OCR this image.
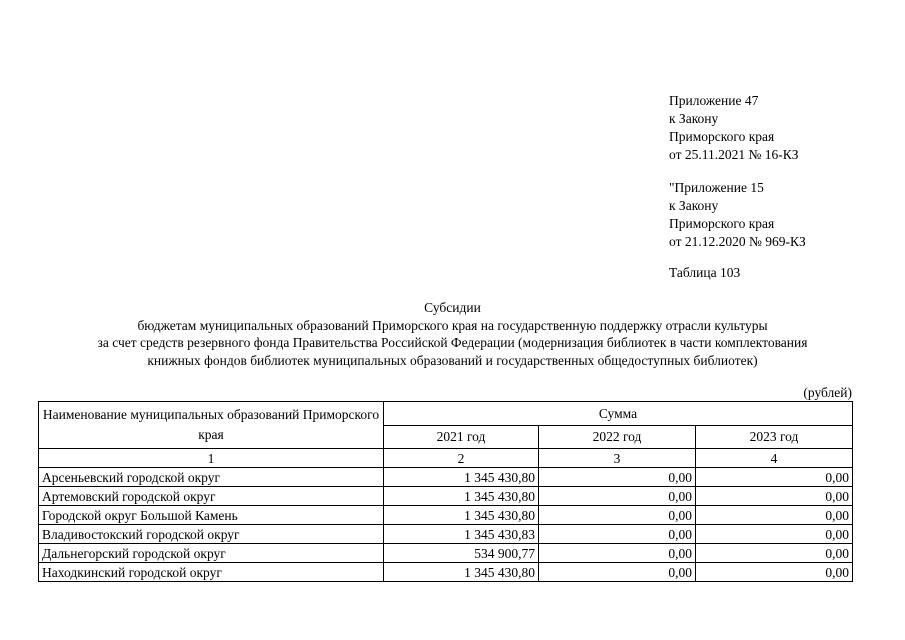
Приложение 47
к Закону
Приморского края
от 25.11.2021 № 16-КЗ
"Приложение 15
к Закону
Приморского края
от 21.12.2020 № 969-КЗ
Таблица 103
Субсидии
бюджетам муниципальных образований Приморского края на государственную поддержку отрасли культуры
за счет средств резервного фонда Правительства Российской Федерации (модернизация библиотек в части комплектования
книжных фондов библиотек муниципальных образований и государственных общедоступных библиотек)
(рублей)
Наименование муниципальных образований Приморского края	Сумма		
	2021 год	2022 год	2023 год
1	2	3	4
Арсеньевский городской округ	1 345 430,80	0,00	0,00
Артемовский городской округ	1 345 430,80	0,00	0,00
Городской округ Большой Камень	1 345 430,80	0,00	0,00
Владивостокский городской округ	1 345 430,83	0,00	0,00
Дальнегорский городской округ	534 900,77	0,00	0,00
Находкинский городской округ	1 345 430,80	0,00	0,00
